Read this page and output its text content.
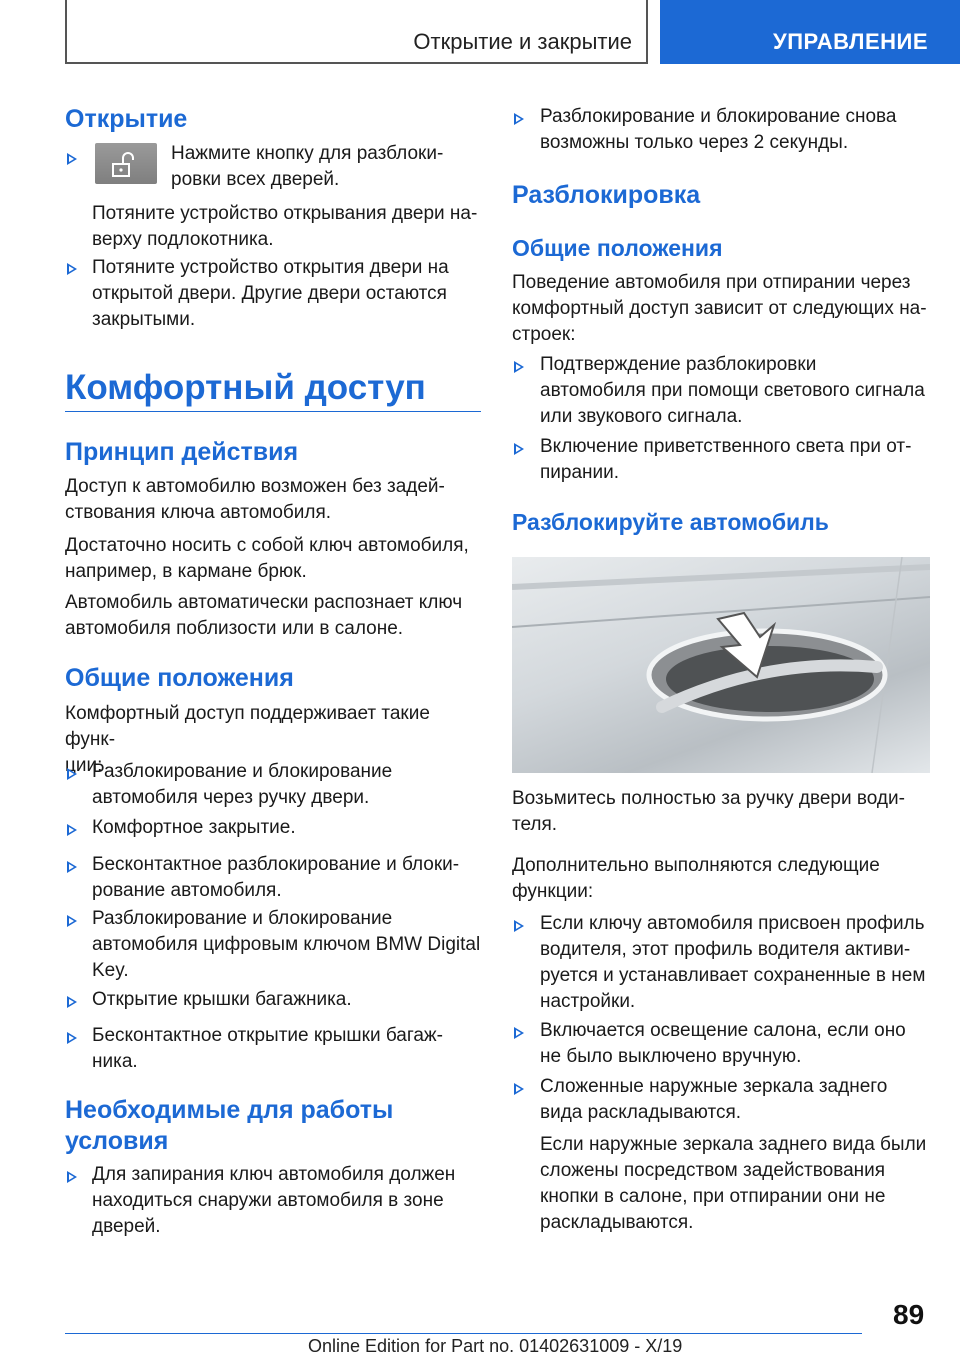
Открытие и закрытие	УПРАВЛЕНИЕ
Открытие
Нажмите кнопку для разблоки-
ровки всех дверей.
Потяните устройство открывания двери на-
верху подлокотника.
Потяните устройство открытия двери на
открытой двери. Другие двери остаются
закрытыми.
Комфортный доступ
Принцип действия
Доступ к автомобилю возможен без задей-
ствования ключа автомобиля.
Достаточно носить с собой ключ автомобиля,
например, в кармане брюк.
Автомобиль автоматически распознает ключ
автомобиля поблизости или в салоне.
Общие положения
Комфортный доступ поддерживает такие функ-
ции:
Разблокирование и блокирование
автомобиля через ручку двери.
Комфортное закрытие.
Бесконтактное разблокирование и блоки-
рование автомобиля.
Разблокирование и блокирование
автомобиля цифровым ключом BMW Digital
Key.
Открытие крышки багажника.
Бесконтактное открытие крышки багаж-
ника.
Необходимые для работы
условия
Для запирания ключ автомобиля должен
находиться снаружи автомобиля в зоне
дверей.
Разблокирование и блокирование снова
возможны только через 2 секунды.
Разблокировка
Общие положения
Поведение автомобиля при отпирании через
комфортный доступ зависит от следующих на-
строек:
Подтверждение разблокировки
автомобиля при помощи светового сигнала
или звукового сигнала.
Включение приветственного света при от-
пирании.
Разблокируйте автомобиль
Возьмитесь полностью за ручку двери води-
теля.
Дополнительно выполняются следующие
функции:
Если ключу автомобиля присвоен профиль
водителя, этот профиль водителя активи-
руется и устанавливает сохраненные в нем
настройки.
Включается освещение салона, если оно
не было выключено вручную.
Сложенные наружные зеркала заднего
вида раскладываются.
Если наружные зеркала заднего вида были
сложены посредством задействования
кнопки в салоне, при отпирании они не
раскладываются.
89
Online Edition for Part no. 01402631009 - X/19
